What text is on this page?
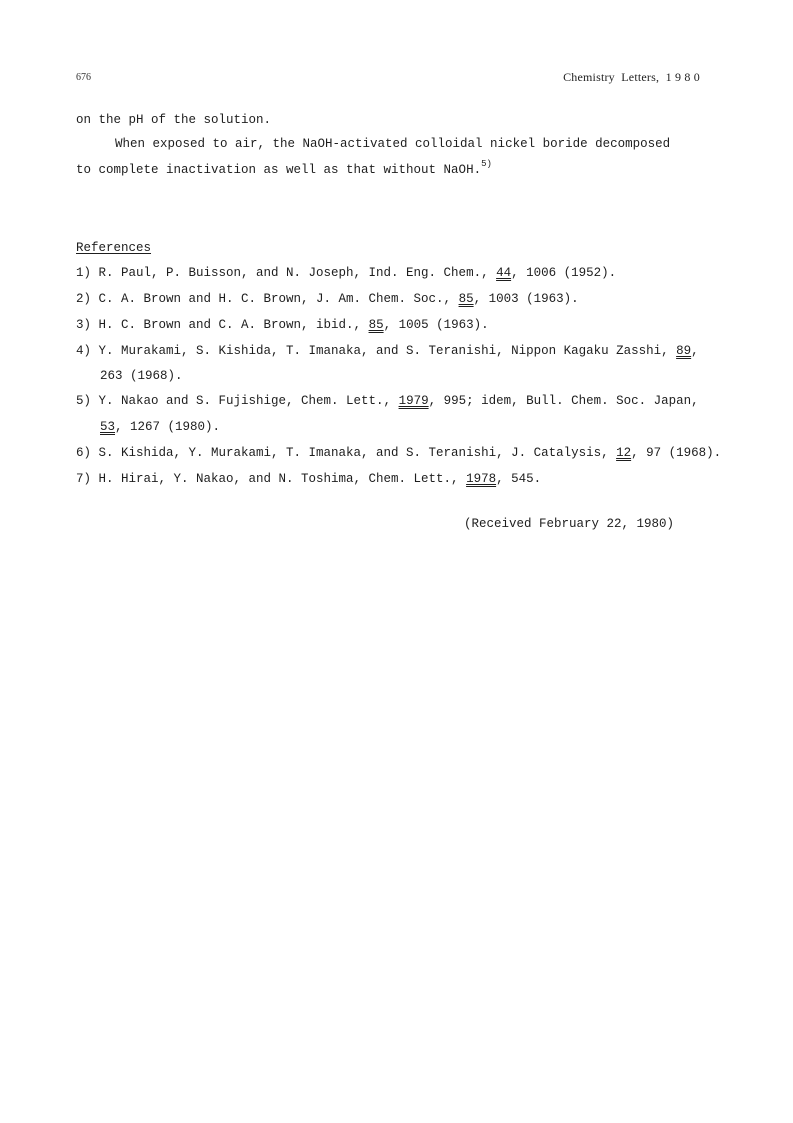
676	Chemistry  Letters,  1 9 8 0
on the pH of the solution.
When exposed to air, the NaOH-activated colloidal nickel boride decomposed
to complete inactivation as well as that without NaOH.$^{5)}$
References
1) R. Paul, P. Buisson, and N. Joseph, Ind. Eng. Chem., 44, 1006 (1952).
2) C. A. Brown and H. C. Brown, J. Am. Chem. Soc., 85, 1003 (1963).
3) H. C. Brown and C. A. Brown, ibid., 85, 1005 (1963).
4) Y. Murakami, S. Kishida, T. Imanaka, and S. Teranishi, Nippon Kagaku Zasshi, 89,
263 (1968).
5) Y. Nakao and S. Fujishige, Chem. Lett., 1979, 995; idem, Bull. Chem. Soc. Japan,
53, 1267 (1980).
6) S. Kishida, Y. Murakami, T. Imanaka, and S. Teranishi, J. Catalysis, 12, 97 (1968).
7) H. Hirai, Y. Nakao, and N. Toshima, Chem. Lett., 1978, 545.
(Received February 22, 1980)
